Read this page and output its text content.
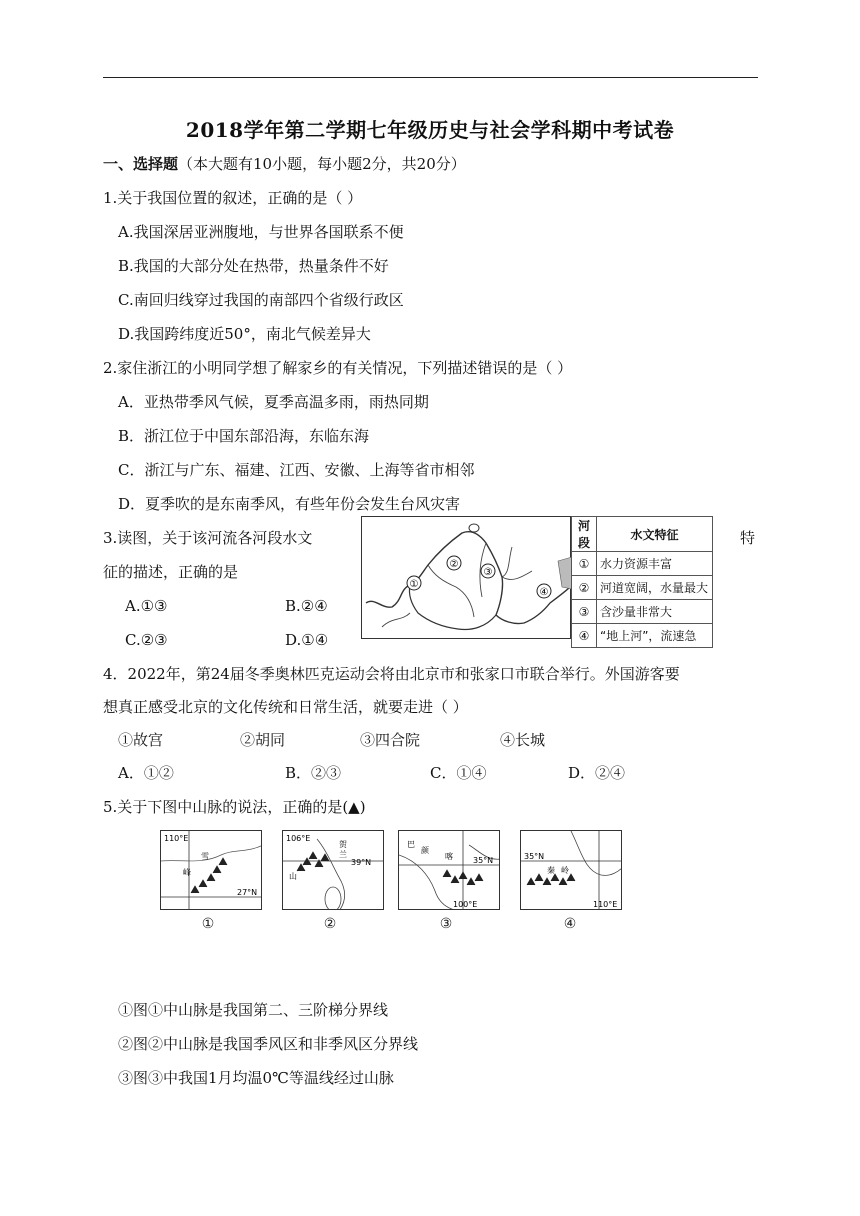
2018学年第二学期七年级历史与社会学科期中考试卷
一、选择题（本大题有10小题，每小题2分，共20分）
1.关于我国位置的叙述，正确的是（ ）
A.我国深居亚洲腹地，与世界各国联系不便
B.我国的大部分处在热带，热量条件不好
C.南回归线穿过我国的南部四个省级行政区
D.我国跨纬度近50°，南北气候差异大
2.家住浙江的小明同学想了解家乡的有关情况，下列描述错误的是（ ）
A．亚热带季风气候，夏季高温多雨，雨热同期
B．浙江位于中国东部沿海，东临东海
C．浙江与广东、福建、江西、安徽、上海等省市相邻
D．夏季吹的是东南季风，有些年份会发生台风灾害
3.读图，关于该河流各河段水文	特
征的描述，正确的是
A.①③	B.②④
C.②③	D.①④
①
②
③
④
河段	水文特征
①	水力资源丰富
②	河道宽阔，水量最大
③	含沙量非常大
④	“地上河”，流速急
4．2022年，第24届冬季奥林匹克运动会将由北京市和张家口市联合举行。外国游客要
想真正感受北京的文化传统和日常生活，就要走进（ ）
①故宫	②胡同	③四合院	④长城
A．①②	B．②③	C．①④	D．②④
5.关于下图中山脉的说法，正确的是(▲)
110°E
雪
峰
27°N
106°E
贺
兰
山
39°N
巴
颜
喀	35°N
100°E
35°N
秦 岭
110°E
①	②	③	④
①图①中山脉是我国第二、三阶梯分界线
②图②中山脉是我国季风区和非季风区分界线
③图③中我国1月均温0℃等温线经过山脉
